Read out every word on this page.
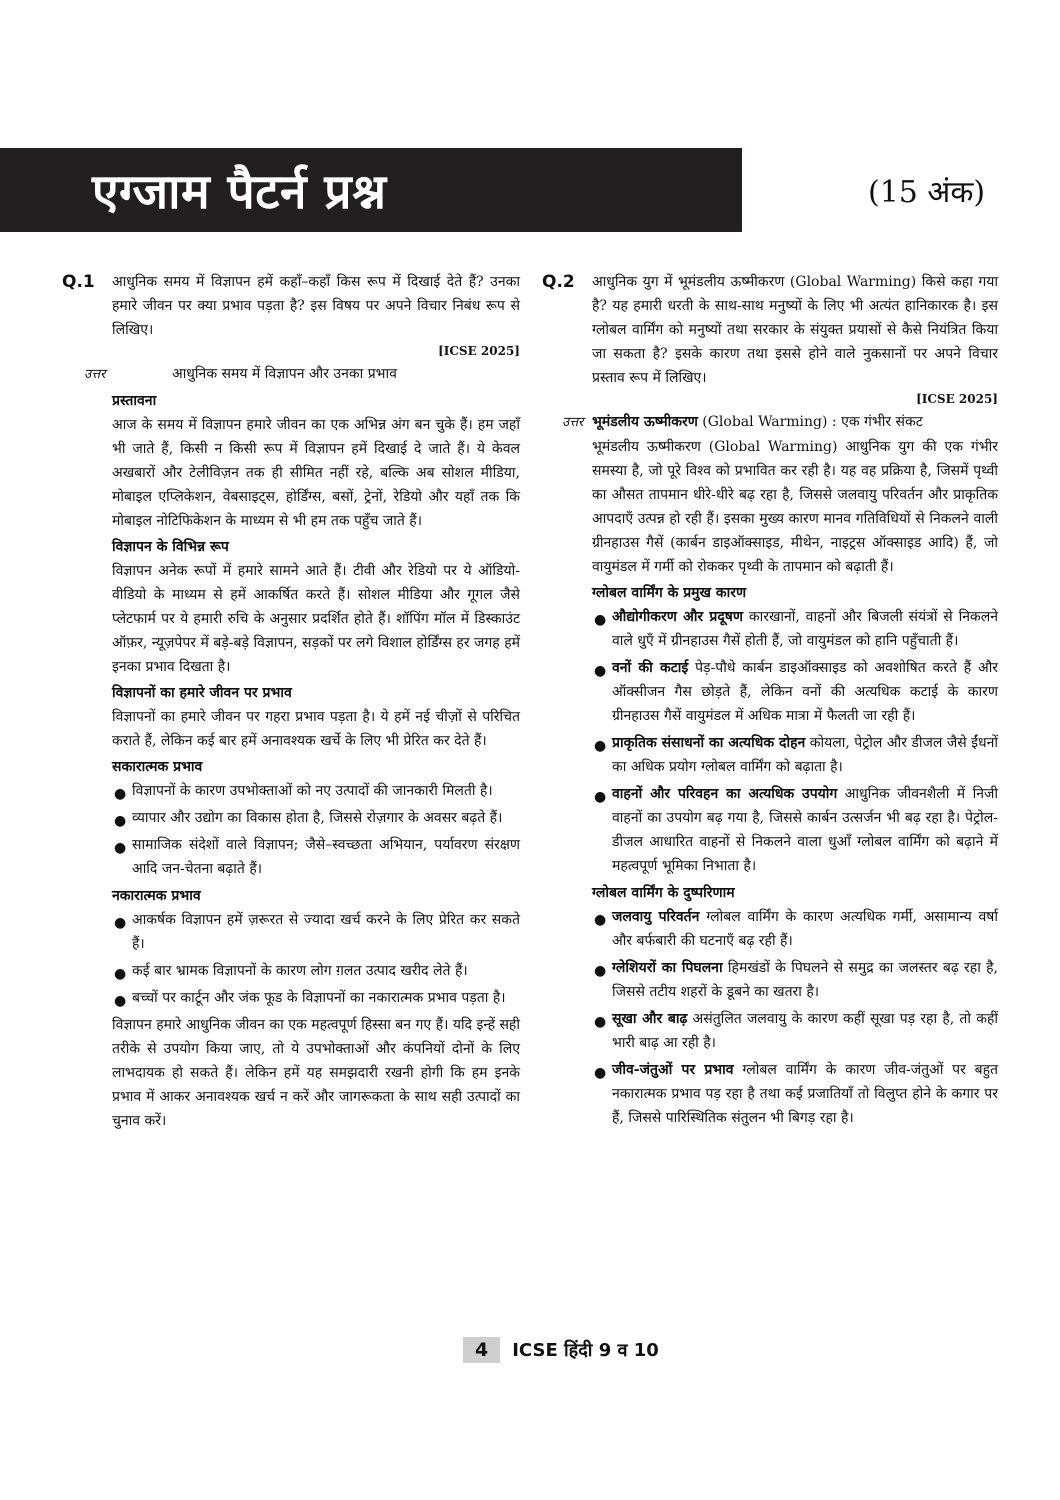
एग्जाम पैटर्न प्रश्न	(15 अंक)
Q.1	आधुनिक समय में विज्ञापन हमें कहाँ–कहाँ किस रूप में दिखाई देते हैं? उनका हमारे जीवन पर क्या प्रभाव पड़ता है? इस विषय पर अपने विचार निबंध रूप से लिखिए।
[ICSE 2025]
उत्तर	आधुनिक समय में विज्ञापन और उनका प्रभाव
प्रस्तावना
आज के समय में विज्ञापन हमारे जीवन का एक अभिन्न अंग बन चुके हैं। हम जहाँ भी जाते हैं, किसी न किसी रूप में विज्ञापन हमें दिखाई दे जाते हैं। ये केवल अखबारों और टेलीविज़न तक ही सीमित नहीं रहे, बल्कि अब सोशल मीडिया, मोबाइल एप्लिकेशन, वेबसाइट्स, होर्डिंग्स, बसों, ट्रेनों, रेडियो और यहाँ तक कि मोबाइल नोटिफिकेशन के माध्यम से भी हम तक पहुँच जाते हैं।
विज्ञापन के विभिन्न रूप
विज्ञापन अनेक रूपों में हमारे सामने आते हैं। टीवी और रेडियो पर ये ऑडियो-वीडियो के माध्यम से हमें आकर्षित करते हैं। सोशल मीडिया और गूगल जैसे प्लेटफार्म पर ये हमारी रुचि के अनुसार प्रदर्शित होते हैं। शॉपिंग मॉल में डिस्काउंट ऑफ़र, न्यूज़पेपर में बड़े-बड़े विज्ञापन, सड़कों पर लगे विशाल होर्डिंग्स हर जगह हमें इनका प्रभाव दिखता है।
विज्ञापनों का हमारे जीवन पर प्रभाव
विज्ञापनों का हमारे जीवन पर गहरा प्रभाव पड़ता है। ये हमें नई चीज़ों से परिचित कराते हैं, लेकिन कई बार हमें अनावश्यक खर्चे के लिए भी प्रेरित कर देते हैं।
सकारात्मक प्रभाव
● विज्ञापनों के कारण उपभोक्ताओं को नए उत्पादों की जानकारी मिलती है।
● व्यापार और उद्योग का विकास होता है, जिससे रोज़गार के अवसर बढ़ते हैं।
● सामाजिक संदेशों वाले विज्ञापन; जैसे–स्वच्छता अभियान, पर्यावरण संरक्षण आदि जन-चेतना बढ़ाते हैं।
नकारात्मक प्रभाव
● आकर्षक विज्ञापन हमें ज़रूरत से ज्यादा खर्च करने के लिए प्रेरित कर सकते हैं।
● कई बार भ्रामक विज्ञापनों के कारण लोग ग़लत उत्पाद खरीद लेते हैं।
● बच्चों पर कार्टून और जंक फूड के विज्ञापनों का नकारात्मक प्रभाव पड़ता है।
विज्ञापन हमारे आधुनिक जीवन का एक महत्वपूर्ण हिस्सा बन गए हैं। यदि इन्हें सही तरीके से उपयोग किया जाए, तो ये उपभोक्ताओं और कंपनियों दोनों के लिए लाभदायक हो सकते हैं। लेकिन हमें यह समझदारी रखनी होगी कि हम इनके प्रभाव में आकर अनावश्यक खर्च न करें और जागरूकता के साथ सही उत्पादों का चुनाव करें।
Q.2	आधुनिक युग में भूमंडलीय ऊष्मीकरण (Global Warming) किसे कहा गया है? यह हमारी धरती के साथ-साथ मनुष्यों के लिए भी अत्यंत हानिकारक है। इस ग्लोबल वार्मिंग को मनुष्यों तथा सरकार के संयुक्त प्रयासों से कैसे नियंत्रित किया जा सकता है? इसके कारण तथा इससे होने वाले नुकसानों पर अपने विचार प्रस्ताव रूप में लिखिए।
[ICSE 2025]
उत्तर भूमंडलीय ऊष्मीकरण (Global Warming) : एक गंभीर संकट
भूमंडलीय ऊष्मीकरण (Global Warming) आधुनिक युग की एक गंभीर समस्या है, जो पूरे विश्व को प्रभावित कर रही है। यह वह प्रक्रिया है, जिसमें पृथ्वी का औसत तापमान धीरे-धीरे बढ़ रहा है, जिससे जलवायु परिवर्तन और प्राकृतिक आपदाएँ उत्पन्न हो रही हैं। इसका मुख्य कारण मानव गतिविधियों से निकलने वाली ग्रीनहाउस गैसें (कार्बन डाइऑक्साइड, मीथेन, नाइट्रस ऑक्साइड आदि) हैं, जो वायुमंडल में गर्मी को रोककर पृथ्वी के तापमान को बढ़ाती हैं।
ग्लोबल वार्मिंग के प्रमुख कारण
● औद्योगीकरण और प्रदूषण कारखानों, वाहनों और बिजली संयंत्रों से निकलने वाले धुएँ में ग्रीनहाउस गैसें होती हैं, जो वायुमंडल को हानि पहुँचाती हैं।
● वनों की कटाई पेड़-पौधे कार्बन डाइऑक्साइड को अवशोषित करते हैं और ऑक्सीजन गैस छोड़ते हैं, लेकिन वनों की अत्यधिक कटाई के कारण ग्रीनहाउस गैसें वायुमंडल में अधिक मात्रा में फैलती जा रही हैं।
● प्राकृतिक संसाधनों का अत्यधिक दोहन कोयला, पेट्रोल और डीजल जैसे ईंधनों का अधिक प्रयोग ग्लोबल वार्मिंग को बढ़ाता है।
● वाहनों और परिवहन का अत्यधिक उपयोग आधुनिक जीवनशैली में निजी वाहनों का उपयोग बढ़ गया है, जिससे कार्बन उत्सर्जन भी बढ़ रहा है। पेट्रोल-डीजल आधारित वाहनों से निकलने वाला धुआँ ग्लोबल वार्मिंग को बढ़ाने में महत्वपूर्ण भूमिका निभाता है।
ग्लोबल वार्मिंग के दुष्परिणाम
● जलवायु परिवर्तन ग्लोबल वार्मिंग के कारण अत्यधिक गर्मी, असामान्य वर्षा और बर्फबारी की घटनाएँ बढ़ रही हैं।
● ग्लेशियरों का पिघलना हिमखंडों के पिघलने से समुद्र का जलस्तर बढ़ रहा है, जिससे तटीय शहरों के डूबने का खतरा है।
● सूखा और बाढ़ असंतुलित जलवायु के कारण कहीं सूखा पड़ रहा है, तो कहीं भारी बाढ़ आ रही है।
● जीव-जंतुओं पर प्रभाव ग्लोबल वार्मिंग के कारण जीव-जंतुओं पर बहुत नकारात्मक प्रभाव पड़ रहा है तथा कई प्रजातियाँ तो विलुप्त होने के कगार पर हैं, जिससे पारिस्थितिक संतुलन भी बिगड़ रहा है।
4	ICSE हिंदी 9 व 10
